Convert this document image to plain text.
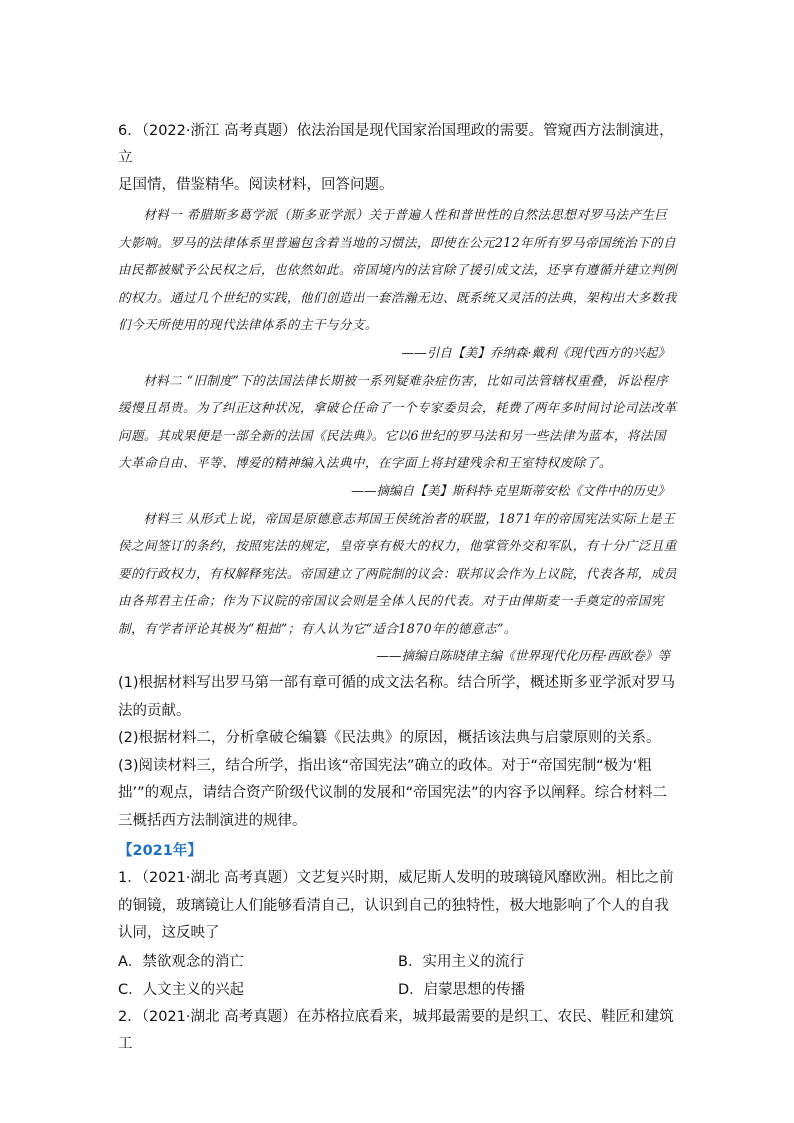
6．（2022·浙江 高考真题）依法治国是现代国家治国理政的需要。管窥西方法制演进，立

足国情，借鉴精华。阅读材料，回答问题。

材料一 希腊斯多葛学派（斯多亚学派）关于普遍人性和普世性的自然法思想对罗马法产生巨大影响。罗马的法律体系里普遍包含着当地的习惯法，即使在公元212年所有罗马帝国统治下的自由民都被赋予公民权之后，也依然如此。帝国境内的法官除了援引成文法，还享有遵循并建立判例的权力。通过几个世纪的实践，他们创造出一套浩瀚无边、既系统又灵活的法典，架构出大多数我们今天所使用的现代法律体系的主干与分支。

——引自【美】乔纳森·戴利《现代西方的兴起》

材料二 “旧制度”下的法国法律长期被一系列疑难杂症伤害，比如司法管辖权重叠，诉讼程序缓慢且昂贵。为了纠正这种状况，拿破仑任命了一个专家委员会，耗费了两年多时间讨论司法改革问题。其成果便是一部全新的法国《民法典》。它以6世纪的罗马法和另一些法律为蓝本，将法国大革命自由、平等、博爱的精神编入法典中，在字面上将封建残余和王室特权废除了。

——摘编自【美】斯科特·克里斯蒂安松《文件中的历史》

材料三 从形式上说，帝国是原德意志邦国王侯统治者的联盟，1871年的帝国宪法实际上是王侯之间签订的条约，按照宪法的规定，皇帝享有极大的权力，他掌管外交和军队，有十分广泛且重要的行政权力，有权解释宪法。帝国建立了两院制的议会：联邦议会作为上议院，代表各邦，成员由各邦君主任命；作为下议院的帝国议会则是全体人民的代表。对于由俾斯麦一手奠定的帝国宪制，有学者评论其极为“粗拙”；有人认为它“适合1870年的德意志”。

——摘编自陈晓律主编《世界现代化历程·西欧卷》等

(1)根据材料写出罗马第一部有章可循的成文法名称。结合所学，概述斯多亚学派对罗马法的贡献。

(2)根据材料二，分析拿破仑编纂《民法典》的原因，概括该法典与启蒙原则的关系。

(3)阅读材料三，结合所学，指出该“帝国宪法”确立的政体。对于“帝国宪制“极为‘粗拙’”的观点，请结合资产阶级代议制的发展和“帝国宪法”的内容予以阐释。综合材料二三概括西方法制演进的规律。

【2021年】

1．（2021·湖北 高考真题）文艺复兴时期，威尼斯人发明的玻璃镜风靡欧洲。相比之前的铜镜，玻璃镜让人们能够看清自己，认识到自己的独特性，极大地影响了个人的自我认同，这反映了

A．禁欲观念的消亡	B．实用主义的流行

C．人文主义的兴起	D．启蒙思想的传播

2．（2021·湖北 高考真题）在苏格拉底看来，城邦最需要的是织工、农民、鞋匠和建筑工
